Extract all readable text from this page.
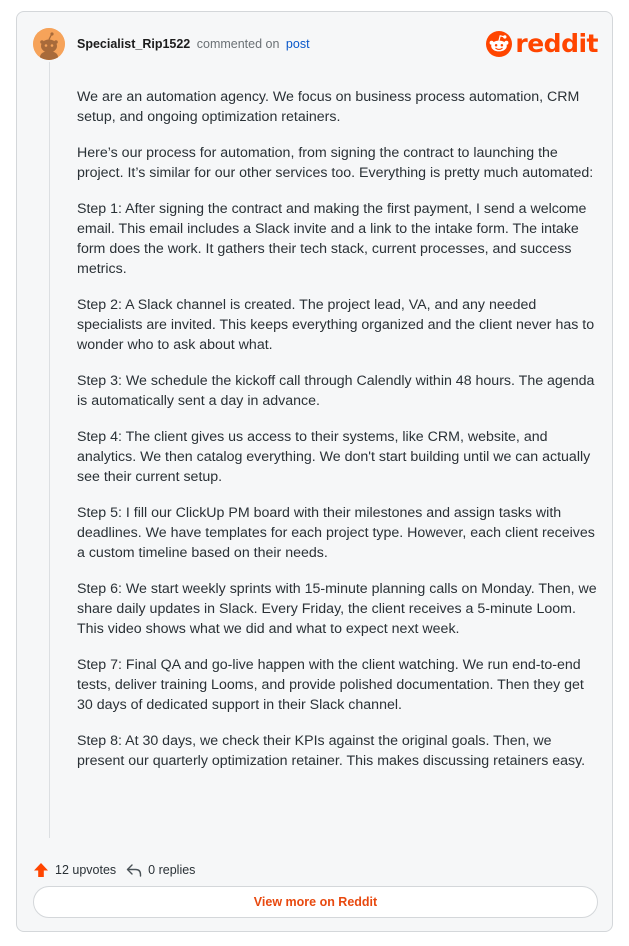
Specialist_Rip1522 commented on post	reddit

We are an automation agency. We focus on business process automation, CRM setup, and ongoing optimization retainers.

Here’s our process for automation, from signing the contract to launching the project. It’s similar for our other services too. Everything is pretty much automated:

Step 1: After signing the contract and making the first payment, I send a welcome email. This email includes a Slack invite and a link to the intake form. The intake form does the work. It gathers their tech stack, current processes, and success metrics.

Step 2: A Slack channel is created. The project lead, VA, and any needed specialists are invited. This keeps everything organized and the client never has to wonder who to ask about what.

Step 3: We schedule the kickoff call through Calendly within 48 hours. The agenda is automatically sent a day in advance.

Step 4: The client gives us access to their systems, like CRM, website, and analytics. We then catalog everything. We don't start building until we can actually see their current setup.

Step 5: I fill our ClickUp PM board with their milestones and assign tasks with deadlines. We have templates for each project type. However, each client receives a custom timeline based on their needs.

Step 6: We start weekly sprints with 15-minute planning calls on Monday. Then, we share daily updates in Slack. Every Friday, the client receives a 5-minute Loom. This video shows what we did and what to expect next week.

Step 7: Final QA and go-live happen with the client watching. We run end-to-end tests, deliver training Looms, and provide polished documentation. Then they get 30 days of dedicated support in their Slack channel.

Step 8: At 30 days, we check their KPIs against the original goals. Then, we present our quarterly optimization retainer. This makes discussing retainers easy.

12 upvotes	0 replies
View more on Reddit
